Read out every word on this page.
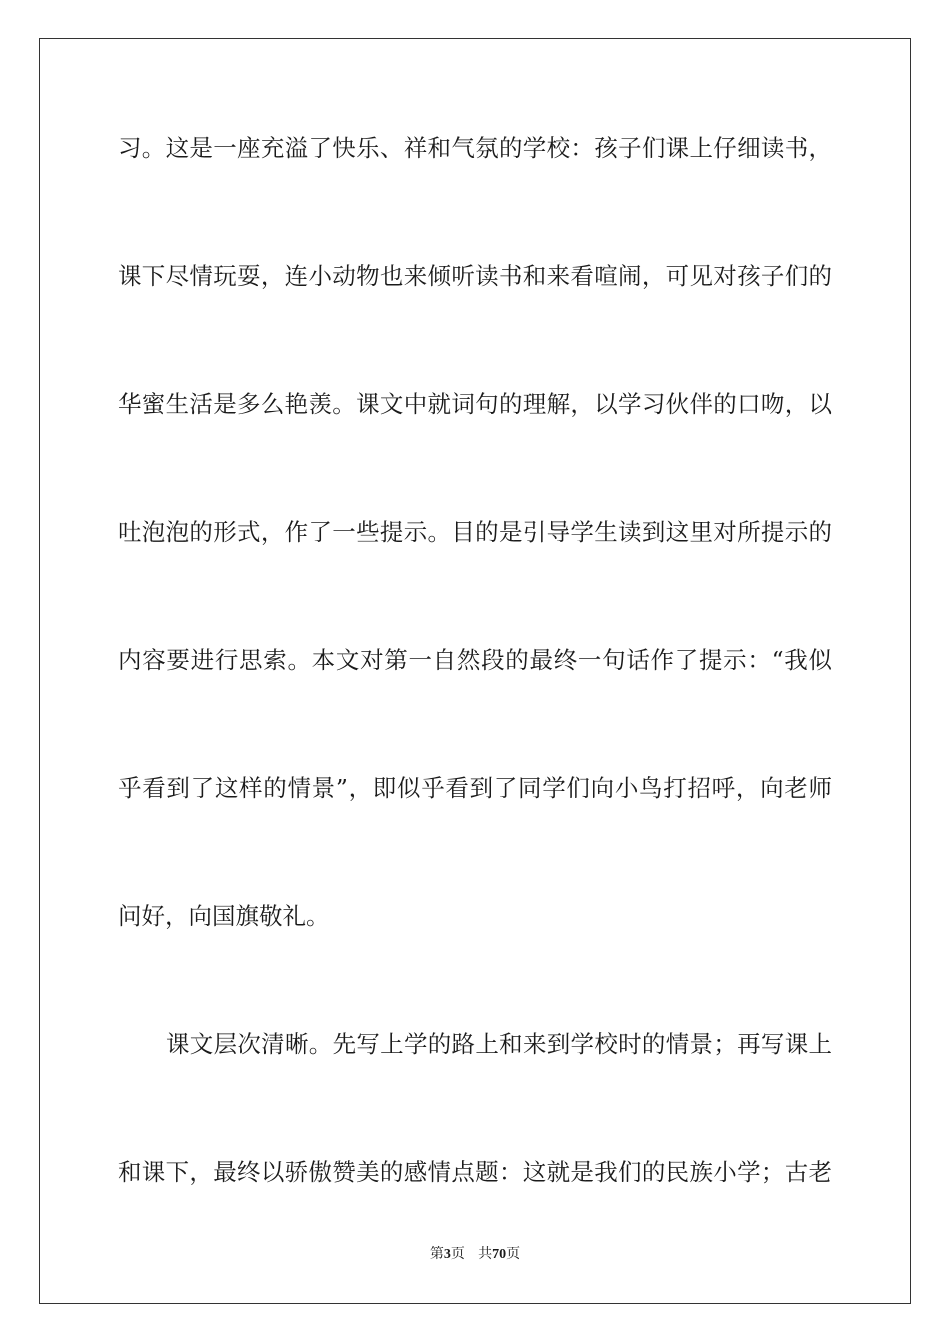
习。这是一座充溢了快乐、祥和气氛的学校：孩子们课上仔细读书，
课下尽情玩耍，连小动物也来倾听读书和来看喧闹，可见对孩子们的
华蜜生活是多么艳羡。课文中就词句的理解，以学习伙伴的口吻，以
吐泡泡的形式，作了一些提示。目的是引导学生读到这里对所提示的
内容要进行思索。本文对第一自然段的最终一句话作了提示：“我似
乎看到了这样的情景”，即似乎看到了同学们向小鸟打招呼，向老师
问好，向国旗敬礼。
课文层次清晰。先写上学的路上和来到学校时的情景；再写课上
和课下，最终以骄傲赞美的感情点题：这就是我们的民族小学；古老
第3页 共70页
